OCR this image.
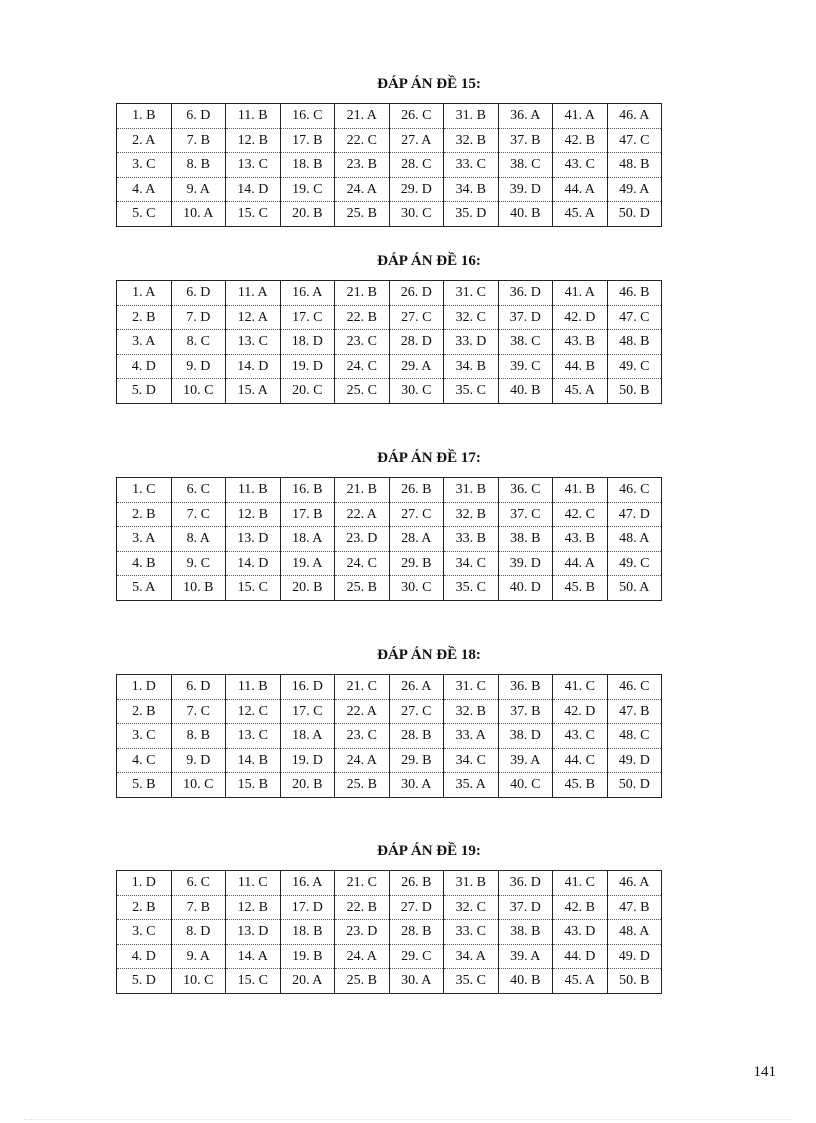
ĐÁP ÁN ĐỀ 15:
1. B	6. D	11. B	16. C	21. A	26. C	31. B	36. A	41. A	46. A
2. A	7. B	12. B	17. B	22. C	27. A	32. B	37. B	42. B	47. C
3. C	8. B	13. C	18. B	23. B	28. C	33. C	38. C	43. C	48. B
4. A	9. A	14. D	19. C	24. A	29. D	34. B	39. D	44. A	49. A
5. C	10. A	15. C	20. B	25. B	30. C	35. D	40. B	45. A	50. D
ĐÁP ÁN ĐỀ 16:
1. A	6. D	11. A	16. A	21. B	26. D	31. C	36. D	41. A	46. B
2. B	7. D	12. A	17. C	22. B	27. C	32. C	37. D	42. D	47. C
3. A	8. C	13. C	18. D	23. C	28. D	33. D	38. C	43. B	48. B
4. D	9. D	14. D	19. D	24. C	29. A	34. B	39. C	44. B	49. C
5. D	10. C	15. A	20. C	25. C	30. C	35. C	40. B	45. A	50. B
ĐÁP ÁN ĐỀ 17:
1. C	6. C	11. B	16. B	21. B	26. B	31. B	36. C	41. B	46. C
2. B	7. C	12. B	17. B	22. A	27. C	32. B	37. C	42. C	47. D
3. A	8. A	13. D	18. A	23. D	28. A	33. B	38. B	43. B	48. A
4. B	9. C	14. D	19. A	24. C	29. B	34. C	39. D	44. A	49. C
5. A	10. B	15. C	20. B	25. B	30. C	35. C	40. D	45. B	50. A
ĐÁP ÁN ĐỀ 18:
1. D	6. D	11. B	16. D	21. C	26. A	31. C	36. B	41. C	46. C
2. B	7. C	12. C	17. C	22. A	27. C	32. B	37. B	42. D	47. B
3. C	8. B	13. C	18. A	23. C	28. B	33. A	38. D	43. C	48. C
4. C	9. D	14. B	19. D	24. A	29. B	34. C	39. A	44. C	49. D
5. B	10. C	15. B	20. B	25. B	30. A	35. A	40. C	45. B	50. D
ĐÁP ÁN ĐỀ 19:
1. D	6. C	11. C	16. A	21. C	26. B	31. B	36. D	41. C	46. A
2. B	7. B	12. B	17. D	22. B	27. D	32. C	37. D	42. B	47. B
3. C	8. D	13. D	18. B	23. D	28. B	33. C	38. B	43. D	48. A
4. D	9. A	14. A	19. B	24. A	29. C	34. A	39. A	44. D	49. D
5. D	10. C	15. C	20. A	25. B	30. A	35. C	40. B	45. A	50. B
141
